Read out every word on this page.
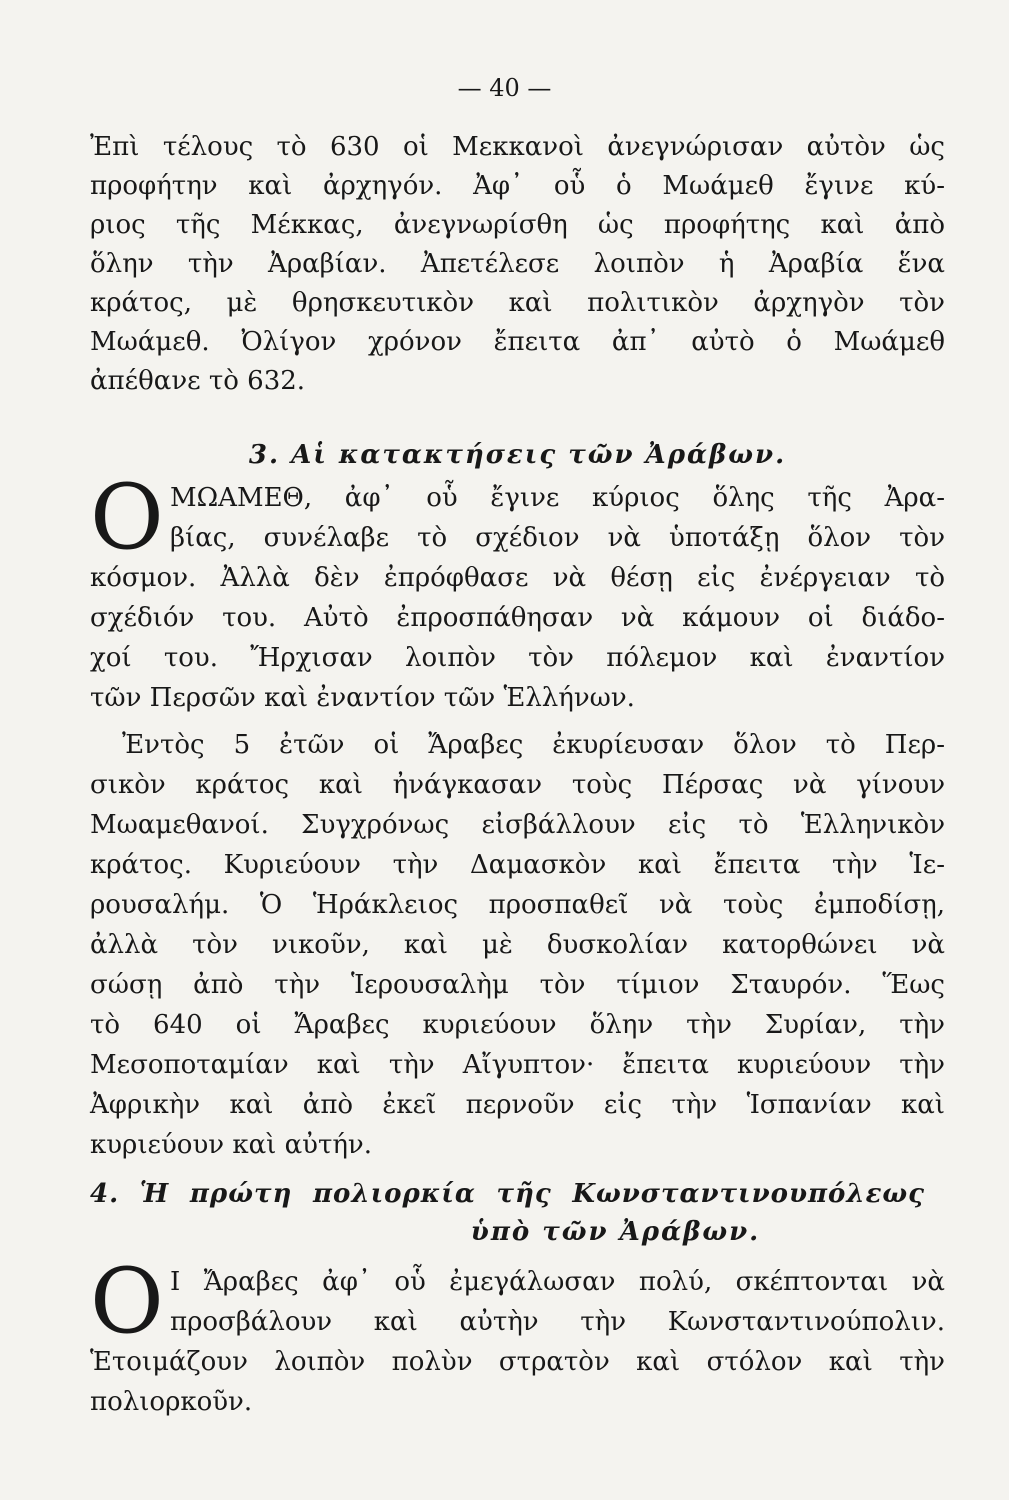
— 40 —
Ἐπὶ τέλους τὸ 630 οἱ Μεκκανοὶ ἀνεγνώρισαν αὐτὸν ὡς
προφήτην καὶ ἀρχηγόν. Ἀφ᾽ οὗ ὁ Μωάμεθ ἔγινε κύ-
ριος τῆς Μέκκας, ἀνεγνωρίσθη ὡς προφήτης καὶ ἀπὸ
ὅλην τὴν Ἀραβίαν. Ἀπετέλεσε λοιπὸν ἡ Ἀραβία ἕνα
κράτος, μὲ θρησκευτικὸν καὶ πολιτικὸν ἀρχηγὸν τὸν
Μωάμεθ. Ὀλίγον χρόνον ἔπειτα ἀπ᾽ αὐτὸ ὁ Μωάμεθ
ἀπέθανε τὸ 632.
3. Αἱ κατακτήσεις τῶν Ἀράβων.
Ο ΜΩΑΜΕΘ, ἀφ᾽ οὗ ἔγινε κύριος ὅλης τῆς Ἀρα-
βίας, συνέλαβε τὸ σχέδιον νὰ ὑποτάξῃ ὅλον τὸν
κόσμον. Ἀλλὰ δὲν ἐπρόφθασε νὰ θέσῃ εἰς ἐνέργειαν τὸ
σχέδιόν του. Αὐτὸ ἐπροσπάθησαν νὰ κάμουν οἱ διάδο-
χοί του. Ἤρχισαν λοιπὸν τὸν πόλεμον καὶ ἐναντίον
τῶν Περσῶν καὶ ἐναντίον τῶν Ἑλλήνων.
Ἐντὸς 5 ἐτῶν οἱ Ἄραβες ἐκυρίευσαν ὅλον τὸ Περ-
σικὸν κράτος καὶ ἠνάγκασαν τοὺς Πέρσας νὰ γίνουν
Μωαμεθανοί. Συγχρόνως εἰσβάλλουν εἰς τὸ Ἑλληνικὸν
κράτος. Κυριεύουν τὴν Δαμασκὸν καὶ ἔπειτα τὴν Ἱε-
ρουσαλήμ. Ὁ Ἡράκλειος προσπαθεῖ νὰ τοὺς ἐμποδίσῃ,
ἀλλὰ τὸν νικοῦν, καὶ μὲ δυσκολίαν κατορθώνει νὰ
σώσῃ ἀπὸ τὴν Ἱερουσαλὴμ τὸν τίμιον Σταυρόν. Ἕως
τὸ 640 οἱ Ἄραβες κυριεύουν ὅλην τὴν Συρίαν, τὴν
Μεσοποταμίαν καὶ τὴν Αἴγυπτον· ἔπειτα κυριεύουν τὴν
Ἀφρικὴν καὶ ἀπὸ ἐκεῖ περνοῦν εἰς τὴν Ἱσπανίαν καὶ
κυριεύουν καὶ αὐτήν.
4. Ἡ πρώτη πολιορκία τῆς Κωνσταντινουπόλεως
ὑπὸ τῶν Ἀράβων.
Ο Ι Ἄραβες ἀφ᾽ οὗ ἐμεγάλωσαν πολύ, σκέπτονται νὰ
προσβάλουν καὶ αὐτὴν τὴν Κωνσταντινούπολιν.
Ἑτοιμάζουν λοιπὸν πολὺν στρατὸν καὶ στόλον καὶ τὴν
πολιορκοῦν.
